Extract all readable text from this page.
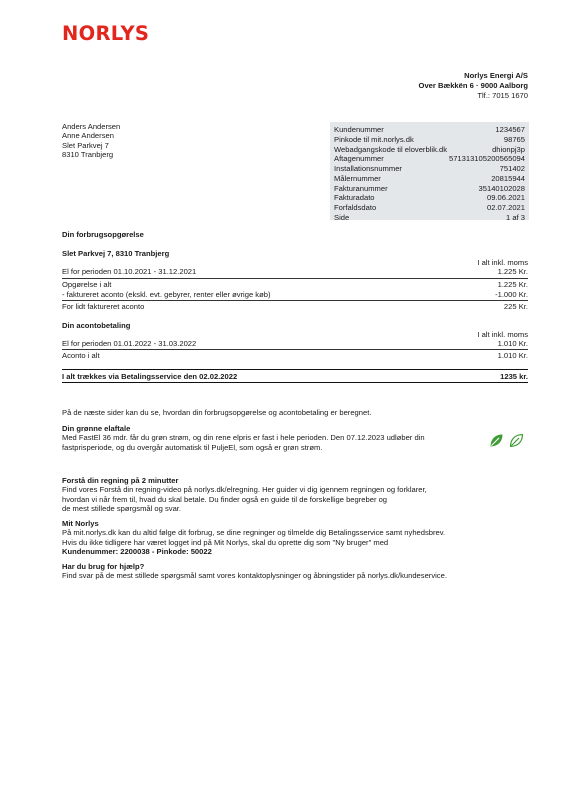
NORLYS
Norlys Energi A/S
Over Bækkën 6 · 9000 Aalborg
Tlf.: 7015 1670
Anders Andersen
Anne Andersen
Slet Parkvej 7
8310 Tranbjerg
Kundenummer	1234567
Pinkode til mit.norlys.dk	98765
Webadgangskode til eloverblik.dk	dhionpj3p
Aftagenummer	571313105200565094
Installationsnummer	751402
Målernummer	20815944
Fakturanummer	35140102028
Fakturadato	09.06.2021
Forfaldsdato	02.07.2021
Side	1 af 3
Din forbrugsopgørelse
Slet Parkvej 7, 8310 Tranbjerg
I alt inkl. moms
El for perioden 01.10.2021 - 31.12.2021	1.225 Kr.
Opgørelse i alt	1.225 Kr.
- faktureret aconto (ekskl. evt. gebyrer, renter eller øvrige køb)	-1.000 Kr.
For lidt faktureret aconto	225 Kr.
Din acontobetaling
I alt inkl. moms
El for perioden 01.01.2022 - 31.03.2022	1.010 Kr.
Aconto i alt	1.010 Kr.
I alt trækkes via Betalingsservice den 02.02.2022	1235 kr.
På de næste sider kan du se, hvordan din forbrugsopgørelse og acontobetaling er beregnet.
Din grønne elaftale
Med FastEl 36 mdr. får du grøn strøm, og din rene elpris er fast i hele perioden. Den 07.12.2023 udløber din
fastprisperiode, og du overgår automatisk til PuljeEl, som også er grøn strøm.
Forstå din regning på 2 minutter
Find vores Forstå din regning-video på norlys.dk/elregning. Her guider vi dig igennem regningen og forklarer,
hvordan vi når frem til, hvad du skal betale. Du finder også en guide til de forskellige begreber og
de mest stillede spørgsmål og svar.
Mit Norlys
På mit.norlys.dk kan du altid følge dit forbrug, se dine regninger og tilmelde dig Betalingsservice samt nyhedsbrev.
Hvis du ikke tidligere har været logget ind på Mit Norlys, skal du oprette dig som "Ny bruger" med
Kundenummer: 2200038 - Pinkode: 50022
Har du brug for hjælp?
Find svar på de mest stillede spørgsmål samt vores kontaktoplysninger og åbningstider på norlys.dk/kundeservice.
